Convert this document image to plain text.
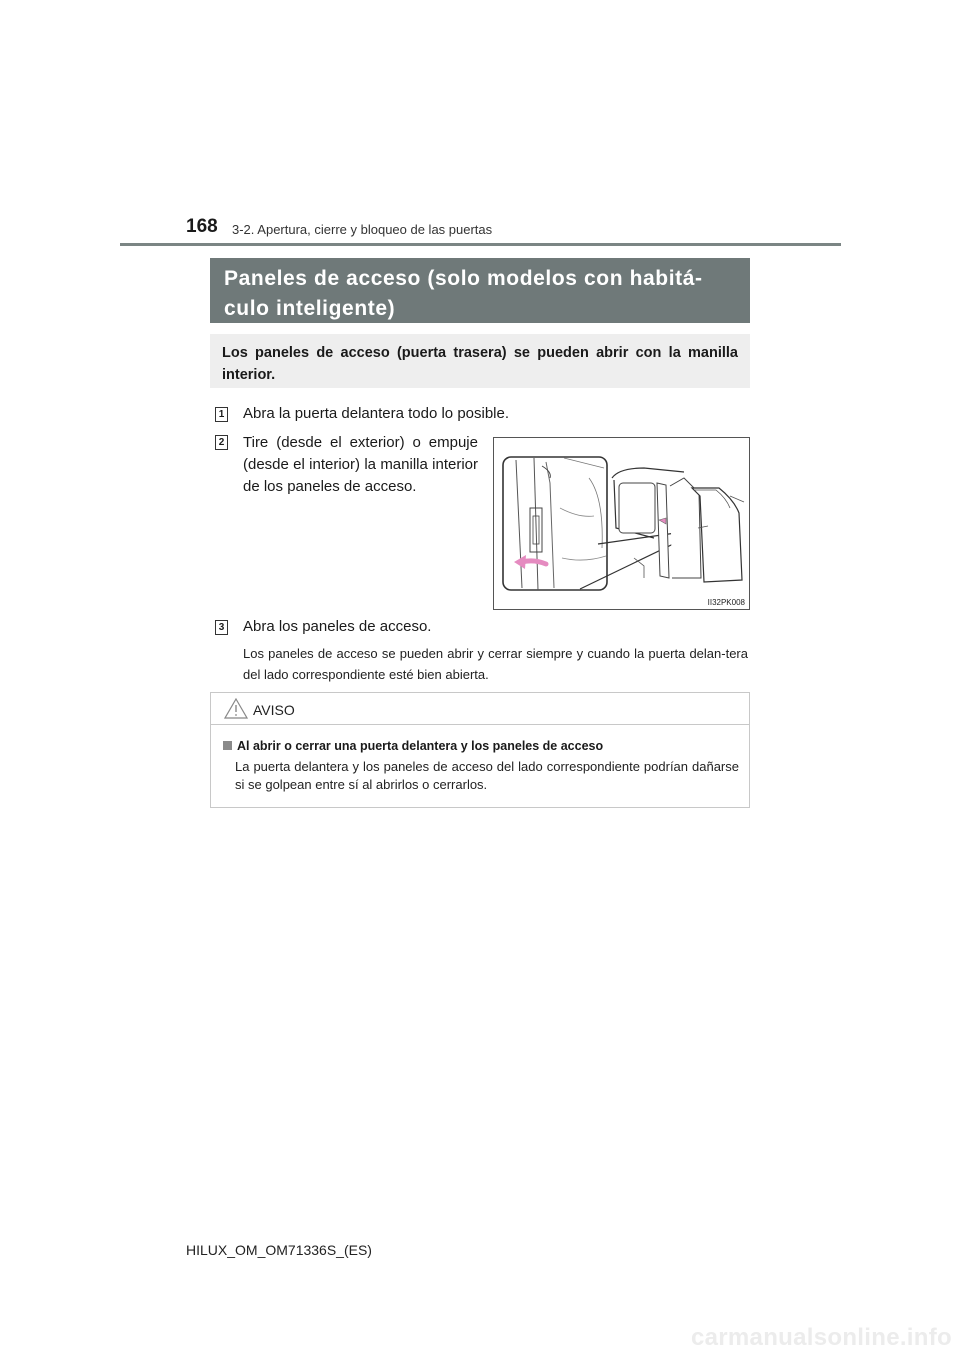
168 3-2. Apertura, cierre y bloqueo de las puertas
Paneles de acceso (solo modelos con habitá-
culo inteligente)
Los paneles de acceso (puerta trasera) se pueden abrir con la manilla interior.
1 Abra la puerta delantera todo lo posible.
2 Tire (desde el exterior) o empuje (desde el interior) la manilla interior de los paneles de acceso.
II32PK008
3 Abra los paneles de acceso.
Los paneles de acceso se pueden abrir y cerrar siempre y cuando la puerta delan-tera del lado correspondiente esté bien abierta.
AVISO
Al abrir o cerrar una puerta delantera y los paneles de acceso
La puerta delantera y los paneles de acceso del lado correspondiente podrían dañarse si se golpean entre sí al abrirlos o cerrarlos.
HILUX_OM_OM71336S_(ES)
carmanualsonline.info
